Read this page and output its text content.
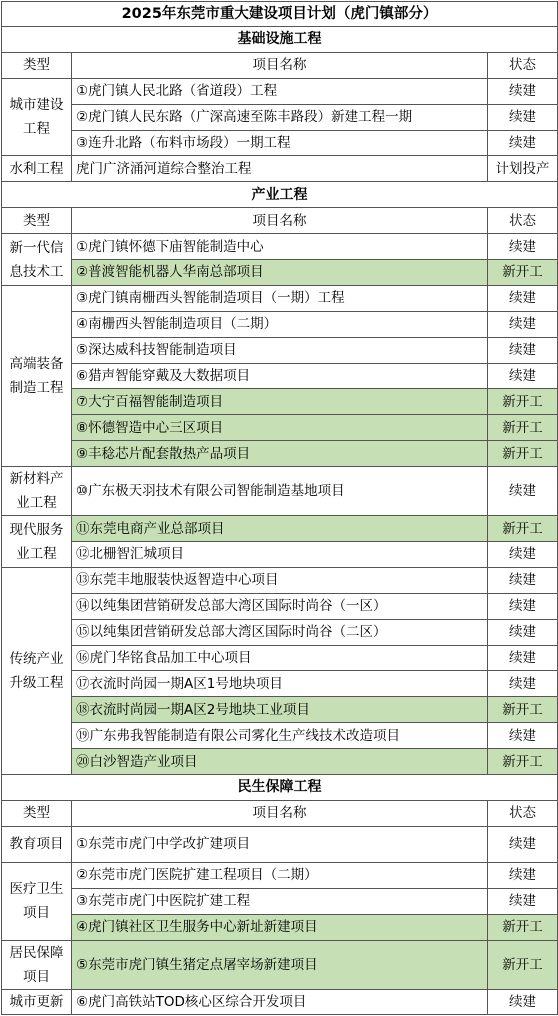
2025年东莞市重大建设项目计划（虎门镇部分）		
基础设施工程		
类型	项目名称	状态
城市建设工程	①虎门镇人民北路（省道段）工程	续建
	②虎门镇人民东路（广深高速至陈丰路段）新建工程一期	续建
	③连升北路（布料市场段）一期工程	续建
水利工程	虎门广济涌河道综合整治工程	计划投产
产业工程		
类型	项目名称	状态
新一代信息技术工	①虎门镇怀德下庙智能制造中心	续建
	②普渡智能机器人华南总部项目	新开工
高端装备制造工程	③虎门镇南栅西头智能制造项目（一期）工程	续建
	④南栅西头智能制造项目（二期）	续建
	⑤深达威科技智能制造项目	续建
	⑥猎声智能穿戴及大数据项目	续建
	⑦大宁百福智能制造项目	新开工
	⑧怀德智造中心三区项目	新开工
	⑨丰稔芯片配套散热产品项目	新开工
新材料产业工程	⑩广东极天羽技术有限公司智能制造基地项目	续建
现代服务业工程	⑪东莞电商产业总部项目	新开工
	⑫北栅智汇城项目	续建
传统产业升级工程	⑬东莞丰地服装快返智造中心项目	续建
	⑭以纯集团营销研发总部大湾区国际时尚谷（一区）	续建
	⑮以纯集团营销研发总部大湾区国际时尚谷（二区）	续建
	⑯虎门华铭食品加工中心项目	续建
	⑰衣流时尚园一期A区1号地块项目	续建
	⑱衣流时尚园一期A区2号地块工业项目	新开工
	⑲广东弗我智能制造有限公司雾化生产线技术改造项目	续建
	⑳白沙智造产业项目	新开工
民生保障工程		
类型	项目名称	状态
教育项目	①东莞市虎门中学改扩建项目	续建
医疗卫生项目	②东莞市虎门医院扩建工程项目（二期）	续建
	③东莞市虎门中医院扩建工程	续建
	④虎门镇社区卫生服务中心新址新建项目	新开工
居民保障项目	⑤东莞市虎门镇生猪定点屠宰场新建项目	新开工
城市更新	⑥虎门高铁站TOD核心区综合开发项目	续建
